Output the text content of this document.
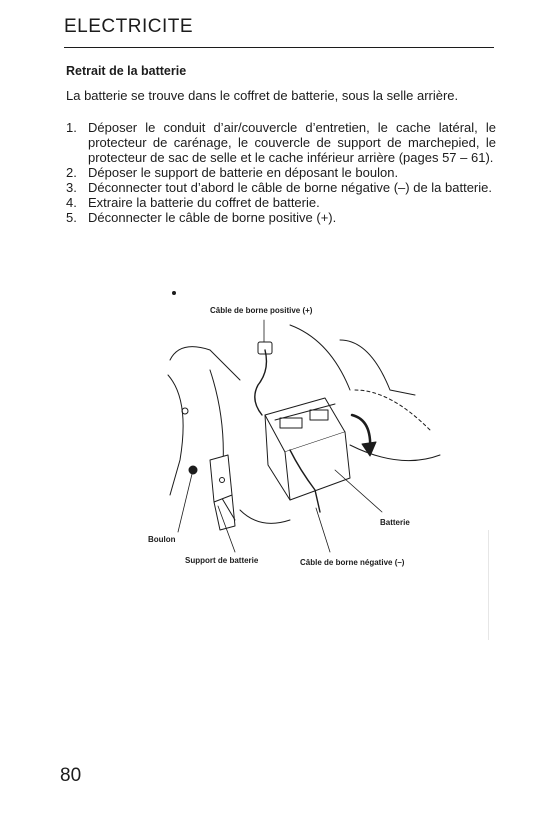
ELECTRICITE
Retrait de la batterie
La batterie se trouve dans le coffret de batterie, sous la selle arrière.
1. Déposer le conduit d’air/couvercle d’entretien, le cache latéral, le protecteur de carénage, le couvercle de support de marchepied, le protecteur de sac de selle et le cache inférieur arrière (pages 57 – 61).
2. Déposer le support de batterie en déposant le boulon.
3. Déconnecter tout d’abord le câble de borne négative (–) de la batterie.
4. Extraire la batterie du coffret de batterie.
5. Déconnecter le câble de borne positive (+).
Câble de borne positive (+)
Batterie
Boulon
Support de batterie	Câble de borne négative (–)
80
